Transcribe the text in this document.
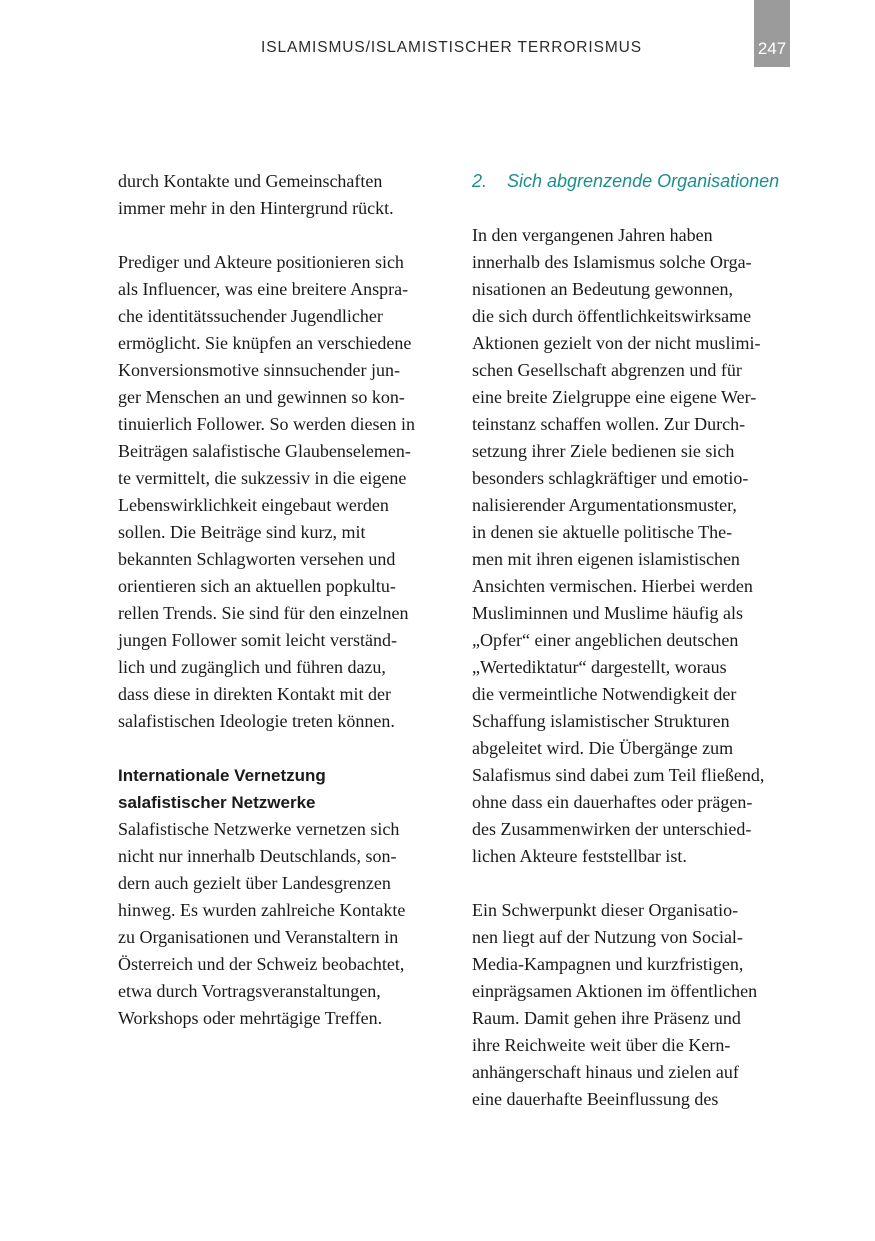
ISLAMISMUS/ISLAMISTISCHER TERRORISMUS	247
durch Kontakte und Gemeinschaften
immer mehr in den Hintergrund rückt.
Prediger und Akteure positionieren sich
als Influencer, was eine breitere Anspra-
che identitätssuchender Jugendlicher
ermöglicht. Sie knüpfen an verschiedene
Konversionsmotive sinnsuchender jun-
ger Menschen an und gewinnen so kon-
tinuierlich Follower. So werden diesen in
Beiträgen salafistische Glaubenselemen-
te vermittelt, die sukzessiv in die eigene
Lebenswirklichkeit eingebaut werden
sollen. Die Beiträge sind kurz, mit
bekannten Schlagworten versehen und
orientieren sich an aktuellen popkultu-
rellen Trends. Sie sind für den einzelnen
jungen Follower somit leicht verständ-
lich und zugänglich und führen dazu,
dass diese in direkten Kontakt mit der
salafistischen Ideologie treten können.
Internationale Vernetzung
salafistischer Netzwerke
Salafistische Netzwerke vernetzen sich
nicht nur innerhalb Deutschlands, son-
dern auch gezielt über Landesgrenzen
hinweg. Es wurden zahlreiche Kontakte
zu Organisationen und Veranstaltern in
Österreich und der Schweiz beobachtet,
etwa durch Vortragsveranstaltungen,
Workshops oder mehrtägige Treffen.
2. Sich abgrenzende Organisationen
In den vergangenen Jahren haben
innerhalb des Islamismus solche Orga-
nisationen an Bedeutung gewonnen,
die sich durch öffentlichkeitswirksame
Aktionen gezielt von der nicht muslimi-
schen Gesellschaft abgrenzen und für
eine breite Zielgruppe eine eigene Wer-
teinstanz schaffen wollen. Zur Durch-
setzung ihrer Ziele bedienen sie sich
besonders schlagkräftiger und emotio-
nalisierender Argumentationsmuster,
in denen sie aktuelle politische The-
men mit ihren eigenen islamistischen
Ansichten vermischen. Hierbei werden
Musliminnen und Muslime häufig als
„Opfer“ einer angeblichen deutschen
„Wertediktatur“ dargestellt, woraus
die vermeintliche Notwendigkeit der
Schaffung islamistischer Strukturen
abgeleitet wird. Die Übergänge zum
Salafismus sind dabei zum Teil fließend,
ohne dass ein dauerhaftes oder prägen-
des Zusammenwirken der unterschied-
lichen Akteure feststellbar ist.
Ein Schwerpunkt dieser Organisatio-
nen liegt auf der Nutzung von Social-
Media-Kampagnen und kurzfristigen,
einprägsamen Aktionen im öffentlichen
Raum. Damit gehen ihre Präsenz und
ihre Reichweite weit über die Kern-
anhängerschaft hinaus und zielen auf
eine dauerhafte Beeinflussung des
